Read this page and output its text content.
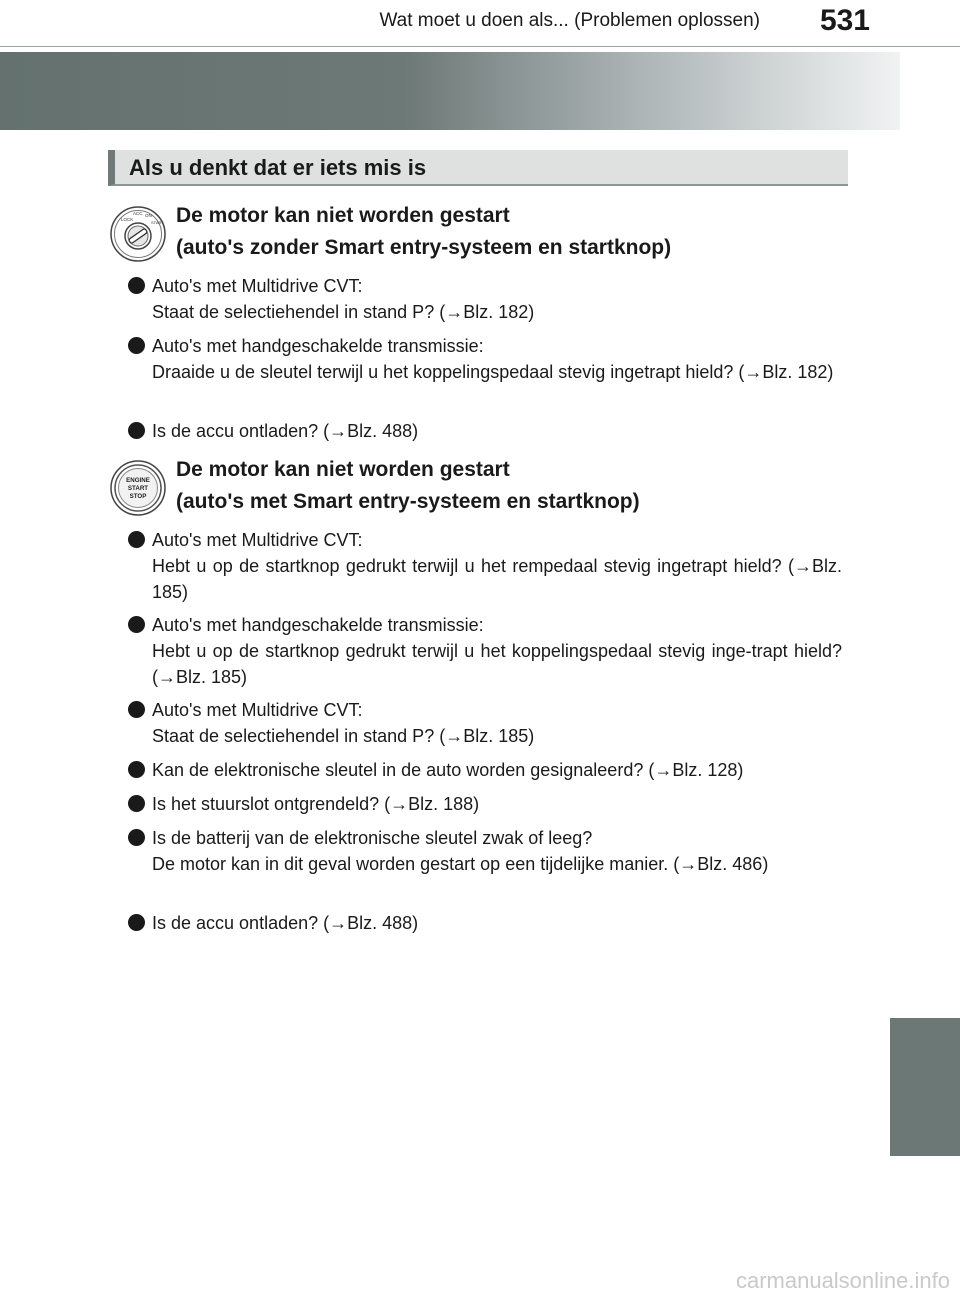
Wat moet u doen als... (Problemen oplossen)	531
Als u denkt dat er iets mis is
LOCK
ACC ON
START De motor kan niet worden gestart
(auto's zonder Smart entry-systeem en startknop)
Auto's met Multidrive CVT:
Staat de selectiehendel in stand P? (→Blz. 182)
Auto's met handgeschakelde transmissie:
Draaide u de sleutel terwijl u het koppelingspedaal stevig ingetrapt hield? (→Blz. 182)
Is de accu ontladen? (→Blz. 488)
ENGINE
START
STOP
De motor kan niet worden gestart
(auto's met Smart entry-systeem en startknop)
Auto's met Multidrive CVT:
Hebt u op de startknop gedrukt terwijl u het rempedaal stevig ingetrapt hield? (→Blz. 185)
Auto's met handgeschakelde transmissie:
Hebt u op de startknop gedrukt terwijl u het koppelingspedaal stevig inge-trapt hield? (→Blz. 185)
Auto's met Multidrive CVT:
Staat de selectiehendel in stand P? (→Blz. 185)
Kan de elektronische sleutel in de auto worden gesignaleerd? (→Blz. 128)
Is het stuurslot ontgrendeld? (→Blz. 188)
Is de batterij van de elektronische sleutel zwak of leeg?
De motor kan in dit geval worden gestart op een tijdelijke manier. (→Blz. 486)
Is de accu ontladen? (→Blz. 488)
carmanualsonline.info
